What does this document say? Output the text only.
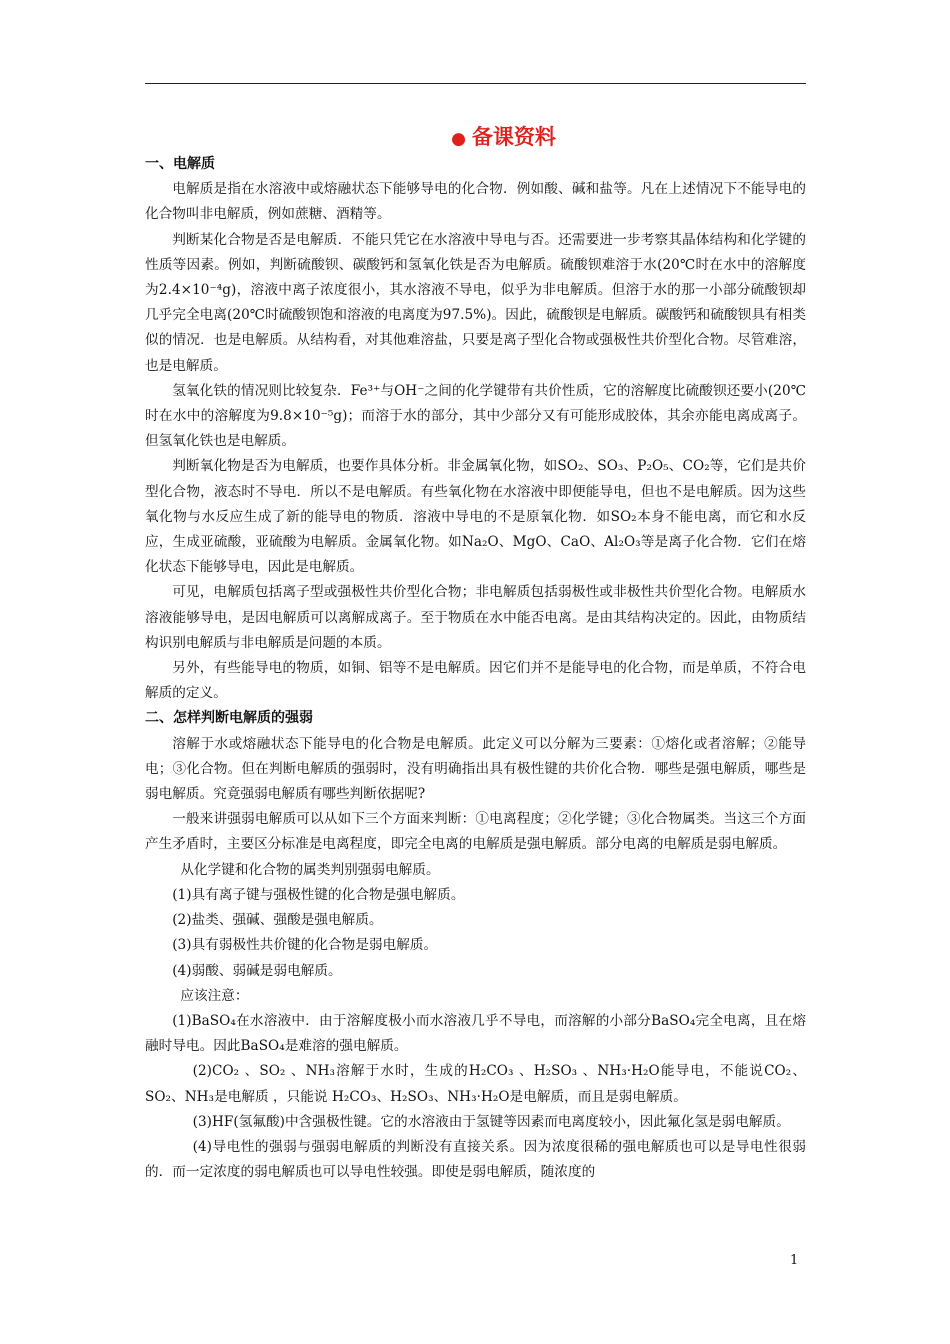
● 备课资料
一、电解质

电解质是指在水溶液中或熔融状态下能够导电的化合物．例如酸、碱和盐等。凡在上述情况下不能导电的化合物叫非电解质，例如蔗糖、酒精等。

判断某化合物是否是电解质．不能只凭它在水溶液中导电与否。还需要进一步考察其晶体结构和化学键的性质等因素。例如，判断硫酸钡、碳酸钙和氢氧化铁是否为电解质。硫酸钡难溶于水(20℃时在水中的溶解度为2.4×10⁻⁴g)，溶液中离子浓度很小，其水溶液不导电，似乎为非电解质。但溶于水的那一小部分硫酸钡却几乎完全电离(20℃时硫酸钡饱和溶液的电离度为97.5%)。因此，硫酸钡是电解质。碳酸钙和硫酸钡具有相类似的情况．也是电解质。从结构看，对其他难溶盐，只要是离子型化合物或强极性共价型化合物。尽管难溶，也是电解质。

氢氧化铁的情况则比较复杂．Fe³⁺与OH⁻之间的化学键带有共价性质，它的溶解度比硫酸钡还要小(20℃时在水中的溶解度为9.8×10⁻⁵g)；而溶于水的部分，其中少部分又有可能形成胶体，其余亦能电离成离子。但氢氧化铁也是电解质。

判断氧化物是否为电解质，也要作具体分析。非金属氧化物，如SO₂、SO₃、P₂O₅、CO₂等，它们是共价型化合物，液态时不导电．所以不是电解质。有些氧化物在水溶液中即便能导电，但也不是电解质。因为这些氧化物与水反应生成了新的能导电的物质．溶液中导电的不是原氧化物．如SO₂本身不能电离，而它和水反应，生成亚硫酸，亚硫酸为电解质。金属氧化物。如Na₂O、MgO、CaO、Al₂O₃等是离子化合物．它们在熔化状态下能够导电，因此是电解质。

可见，电解质包括离子型或强极性共价型化合物；非电解质包括弱极性或非极性共价型化合物。电解质水溶液能够导电，是因电解质可以离解成离子。至于物质在水中能否电离。是由其结构决定的。因此，由物质结构识别电解质与非电解质是问题的本质。

另外，有些能导电的物质，如铜、铝等不是电解质。因它们并不是能导电的化合物，而是单质，不符合电解质的定义。

二、怎样判断电解质的强弱

溶解于水或熔融状态下能导电的化合物是电解质。此定义可以分解为三要素：①熔化或者溶解；②能导电；③化合物。但在判断电解质的强弱时，没有明确指出具有极性键的共价化合物．哪些是强电解质，哪些是弱电解质。究竟强弱电解质有哪些判断依据呢?

一般来讲强弱电解质可以从如下三个方面来判断：①电离程度；②化学键；③化合物属类。当这三个方面产生矛盾时，主要区分标准是电离程度，即完全电离的电解质是强电解质。部分电离的电解质是弱电解质。

从化学键和化合物的属类判别强弱电解质。

(1)具有离子键与强极性键的化合物是强电解质。

(2)盐类、强碱、强酸是强电解质。

(3)具有弱极性共价键的化合物是弱电解质。

(4)弱酸、弱碱是弱电解质。

应该注意：

(1)BaSO₄在水溶液中．由于溶解度极小而水溶液几乎不导电，而溶解的小部分BaSO₄完全电离，且在熔融时导电。因此BaSO₄是难溶的强电解质。

(2)CO₂ 、SO₂ 、NH₃溶解于水时，生成的H₂CO₃ 、H₂SO₃ 、NH₃·H₂O能导电，不能说CO₂、SO₂、NH₃是电解质 ，只能说 H₂CO₃、H₂SO₃、NH₃·H₂O是电解质，而且是弱电解质。

(3)HF(氢氟酸)中含强极性键。它的水溶液由于氢键等因素而电离度较小，因此氟化氢是弱电解质。

(4)导电性的强弱与强弱电解质的判断没有直接关系。因为浓度很稀的强电解质也可以是导电性很弱的．而一定浓度的弱电解质也可以导电性较强。即使是弱电解质，随浓度的

1
